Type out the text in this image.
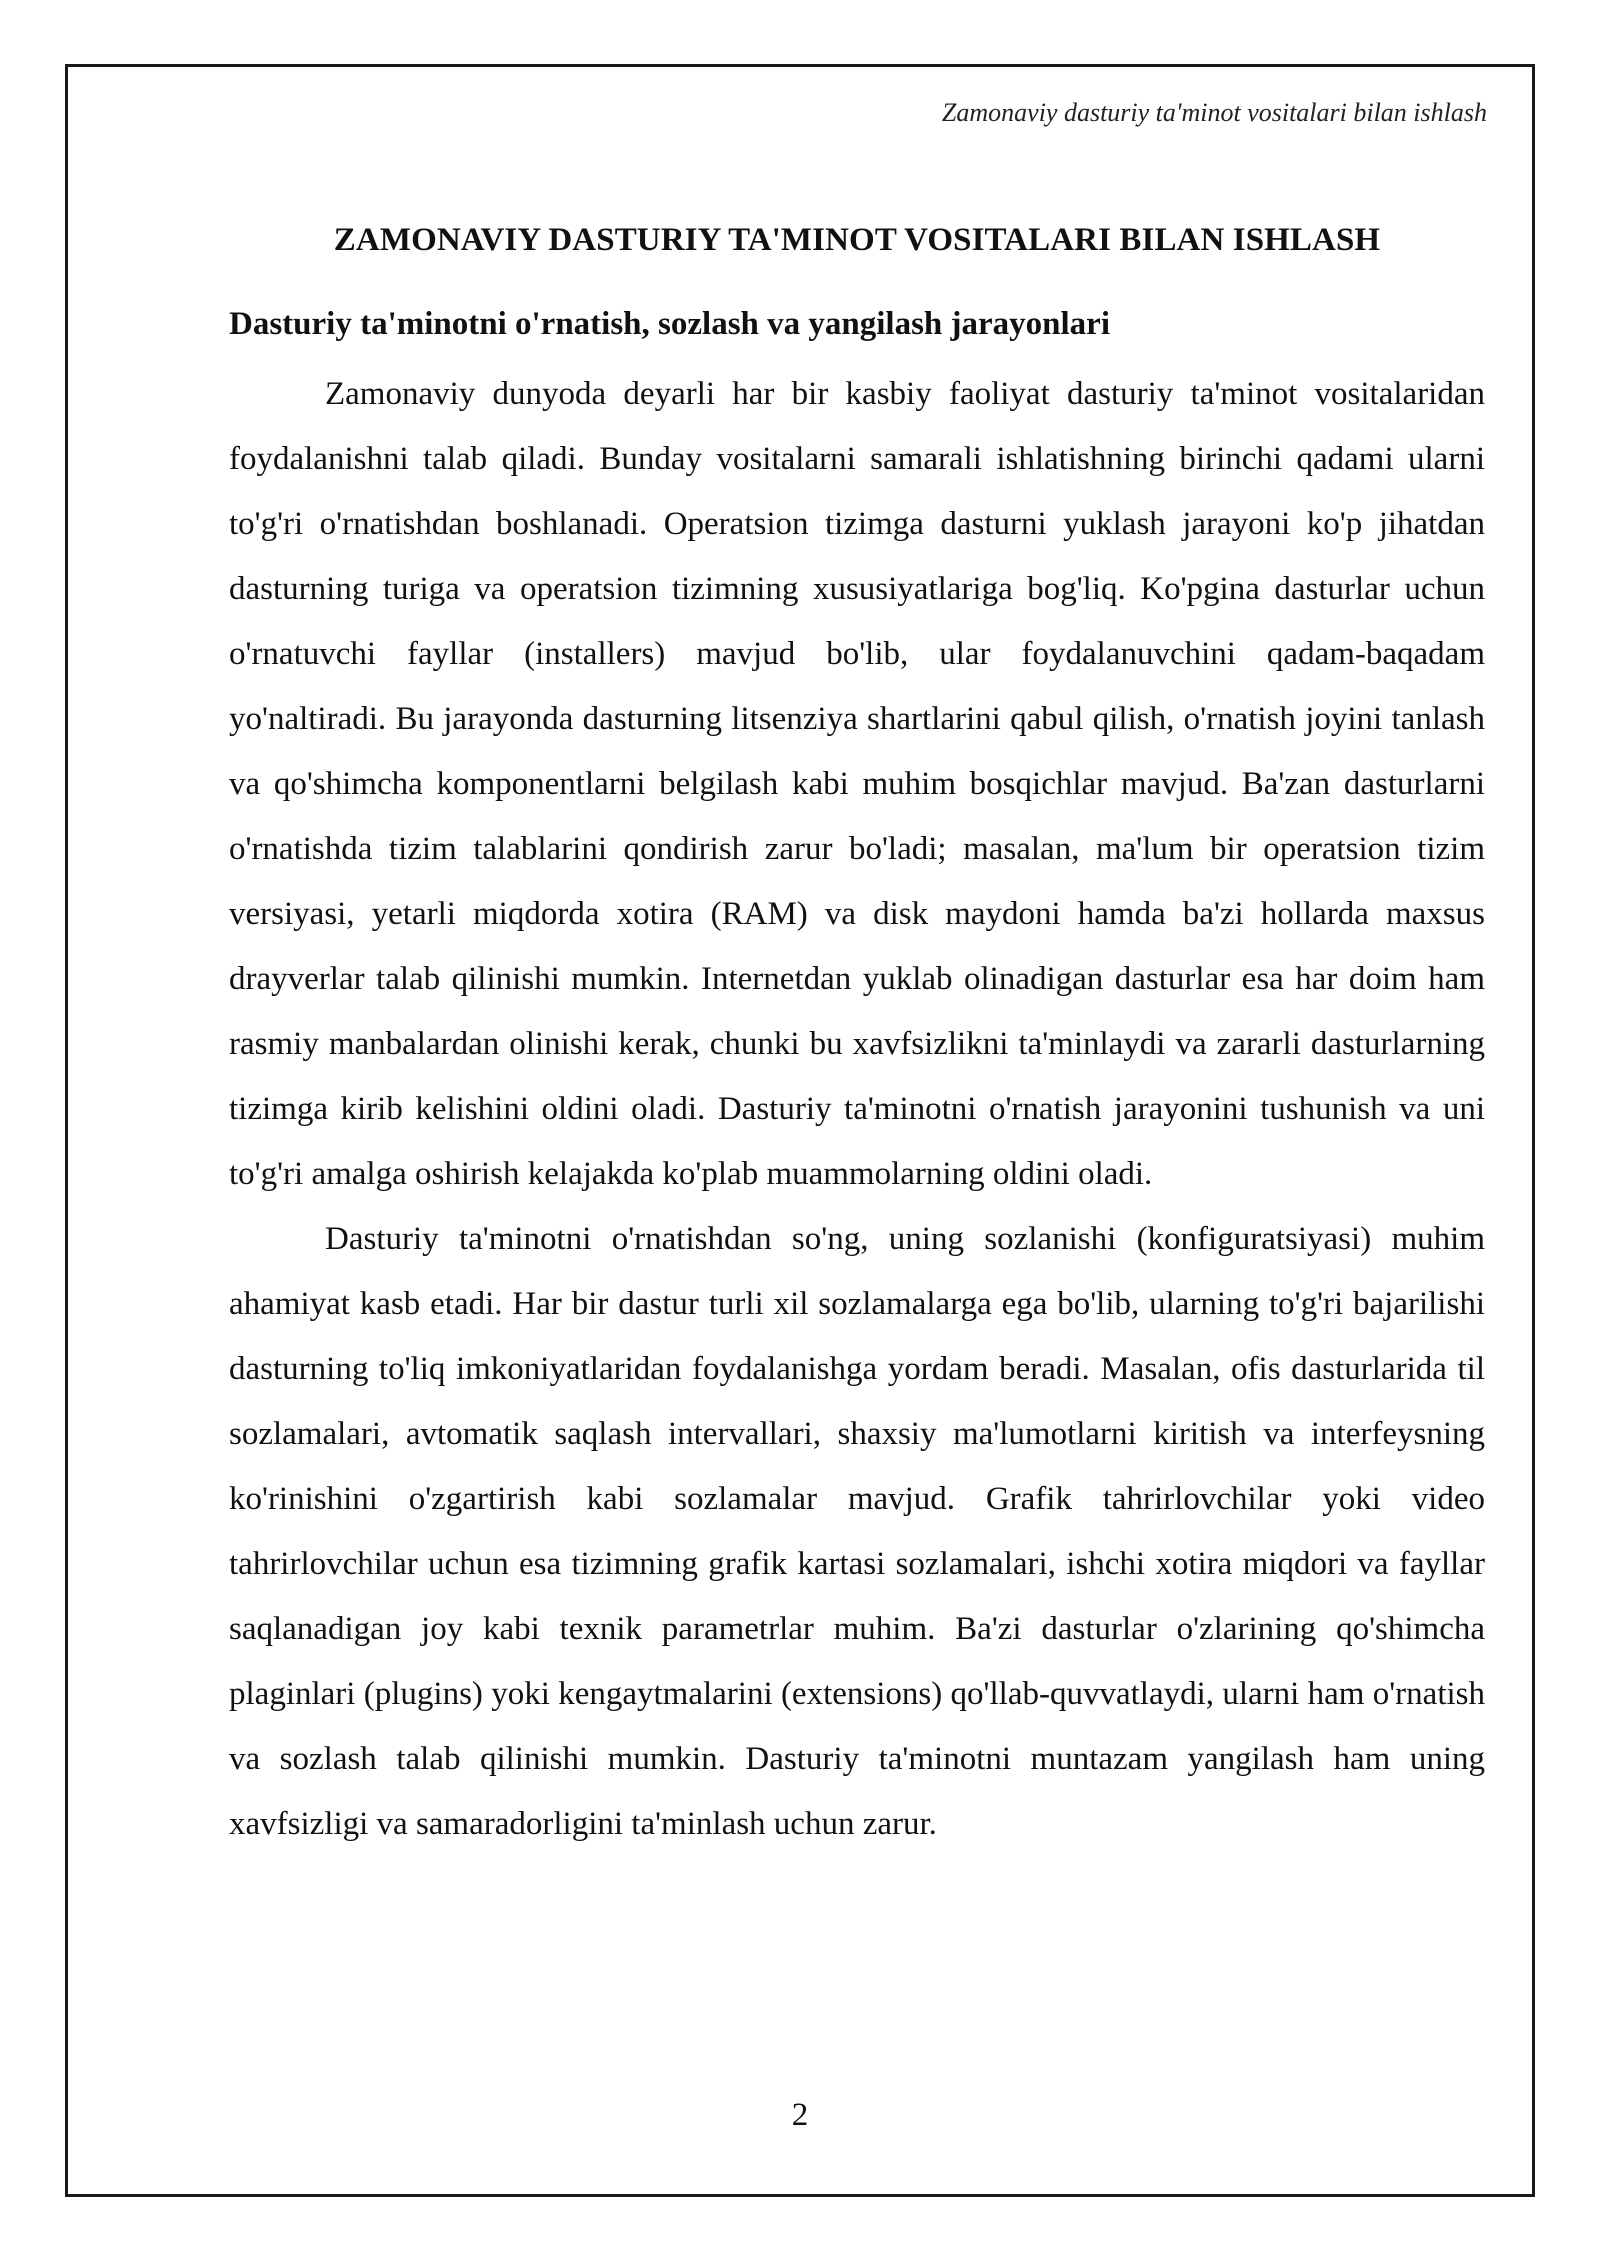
Zamonaviy dasturiy ta'minot vositalari bilan ishlash
ZAMONAVIY DASTURIY TA'MINOT VOSITALARI BILAN ISHLASH
Dasturiy ta'minotni o'rnatish, sozlash va yangilash jarayonlari

Zamonaviy dunyoda deyarli har bir kasbiy faoliyat dasturiy ta'minot vositalaridan foydalanishni talab qiladi. Bunday vositalarni samarali ishlatishning birinchi qadami ularni to'g'ri o'rnatishdan boshlanadi. Operatsion tizimga dasturni yuklash jarayoni ko'p jihatdan dasturning turiga va operatsion tizimning xususiyatlariga bog'liq. Ko'pgina dasturlar uchun o'rnatuvchi fayllar (installers) mavjud bo'lib, ular foydalanuvchini qadam-baqadam yo'naltiradi. Bu jarayonda dasturning litsenziya shartlarini qabul qilish, o'rnatish joyini tanlash va qo'shimcha komponentlarni belgilash kabi muhim bosqichlar mavjud. Ba'zan dasturlarni o'rnatishda tizim talablarini qondirish zarur bo'ladi; masalan, ma'lum bir operatsion tizim versiyasi, yetarli miqdorda xotira (RAM) va disk maydoni hamda ba'zi hollarda maxsus drayverlar talab qilinishi mumkin. Internetdan yuklab olinadigan dasturlar esa har doim ham rasmiy manbalardan olinishi kerak, chunki bu xavfsizlikni ta'minlaydi va zararli dasturlarning tizimga kirib kelishini oldini oladi. Dasturiy ta'minotni o'rnatish jarayonini tushunish va uni to'g'ri amalga oshirish kelajakda ko'plab muammolarning oldini oladi.

Dasturiy ta'minotni o'rnatishdan so'ng, uning sozlanishi (konfiguratsiyasi) muhim ahamiyat kasb etadi. Har bir dastur turli xil sozlamalarga ega bo'lib, ularning to'g'ri bajarilishi dasturning to'liq imkoniyatlaridan foydalanishga yordam beradi. Masalan, ofis dasturlarida til sozlamalari, avtomatik saqlash intervallari, shaxsiy ma'lumotlarni kiritish va interfeysning ko'rinishini o'zgartirish kabi sozlamalar mavjud. Grafik tahrirlovchilar yoki video tahrirlovchilar uchun esa tizimning grafik kartasi sozlamalari, ishchi xotira miqdori va fayllar saqlanadigan joy kabi texnik parametrlar muhim. Ba'zi dasturlar o'zlarining qo'shimcha plaginlari (plugins) yoki kengaytmalarini (extensions) qo'llab-quvvatlaydi, ularni ham o'rnatish va sozlash talab qilinishi mumkin. Dasturiy ta'minotni muntazam yangilash ham uning xavfsizligi va samaradorligini ta'minlash uchun zarur.

2
